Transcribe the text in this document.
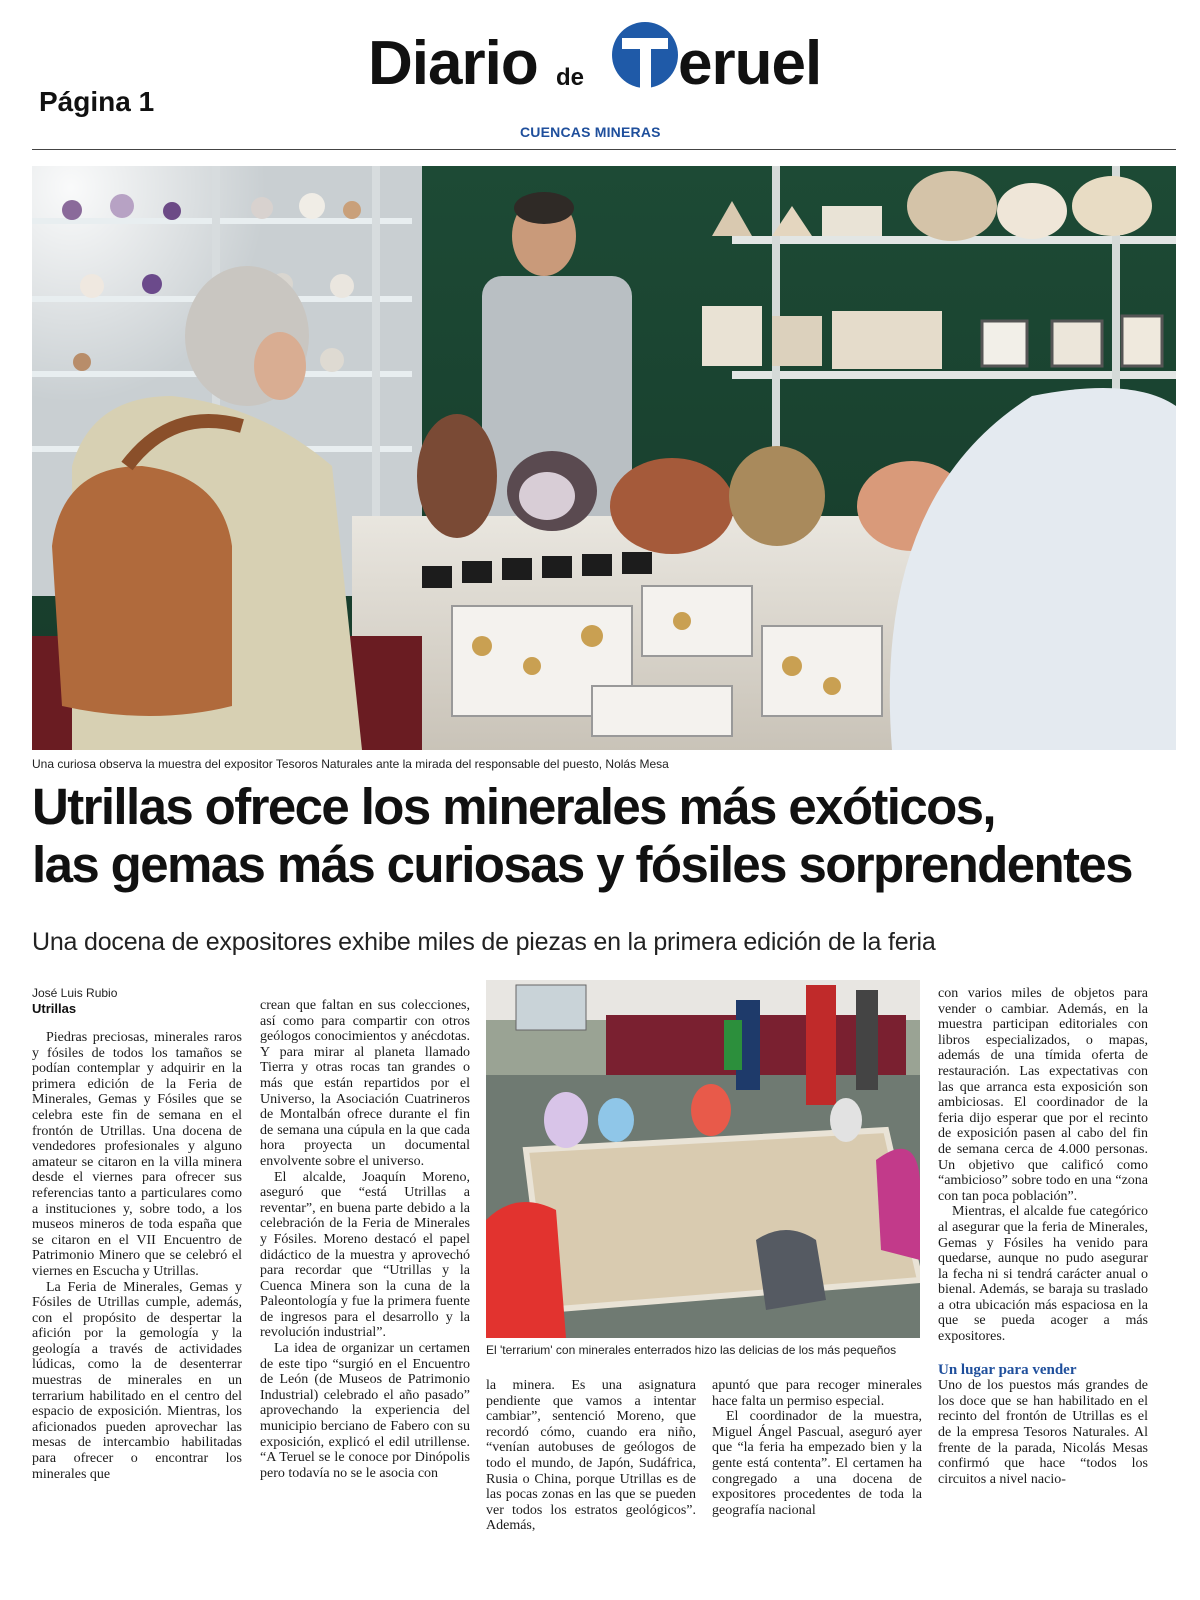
Página 1
Diario de eruel
CUENCAS MINERAS
Una curiosa observa la muestra del expositor Tesoros Naturales ante la mirada del responsable del puesto, Nolás Mesa
Utrillas ofrece los minerales más exóticos,
las gemas más curiosas y fósiles sorprendentes
Una docena de expositores exhibe miles de piezas en la primera edición de la feria
José Luis Rubio
Utrillas

Piedras preciosas, minerales raros y fósiles de todos los tamaños se podían contemplar y adquirir en la primera edición de la Feria de Minerales, Gemas y Fósiles que se celebra este fin de semana en el frontón de Utrillas. Una docena de vendedores profesionales y alguno amateur se citaron en la villa minera desde el viernes para ofrecer sus referencias tanto a particulares como a instituciones y, sobre todo, a los museos mineros de toda españa que se citaron en el VII Encuentro de Patrimonio Minero que se celebró el viernes en Escucha y Utrillas.

La Feria de Minerales, Gemas y Fósiles de Utrillas cumple, además, con el propósito de despertar la afición por la gemología y la geología a través de actividades lúdicas, como la de desenterrar muestras de minerales en un terrarium habilitado en el centro del espacio de exposición. Mientras, los aficionados pueden aprovechar las mesas de intercambio habilitadas para ofrecer o encontrar los minerales que

crean que faltan en sus colecciones, así como para compartir con otros geólogos conocimientos y anécdotas. Y para mirar al planeta llamado Tierra y otras rocas tan grandes o más que están repartidos por el Universo, la Asociación Cuatrineros de Montalbán ofrece durante el fin de semana una cúpula en la que cada hora proyecta un documental envolvente sobre el universo.

El alcalde, Joaquín Moreno, aseguró que “está Utrillas a reventar”, en buena parte debido a la celebración de la Feria de Minerales y Fósiles. Moreno destacó el papel didáctico de la muestra y aprovechó para recordar que “Utrillas y la Cuenca Minera son la cuna de la Paleontología y fue la primera fuente de ingresos para el desarrollo y la revolución industrial”.

La idea de organizar un certamen de este tipo “surgió en el Encuentro de León (de Museos de Patrimonio Industrial) celebrado el año pasado” aprovechando la experiencia del municipio berciano de Fabero con su exposición, explicó el edil utrillense. “A Teruel se le conoce por Dinópolis pero todavía no se le asocia con

El 'terrarium' con minerales enterrados hizo las delicias de los más pequeños

la minera. Es una asignatura pendiente que vamos a intentar cambiar”, sentenció Moreno, que recordó cómo, cuando era niño, “venían autobuses de geólogos de todo el mundo, de Japón, Sudáfrica, Rusia o China, porque Utrillas es de las pocas zonas en las que se pueden ver todos los estratos geológicos”. Además,

apuntó que para recoger minerales hace falta un permiso especial.

El coordinador de la muestra, Miguel Ángel Pascual, aseguró ayer que “la feria ha empezado bien y la gente está contenta”. El certamen ha congregado a una docena de expositores procedentes de toda la geografía nacional

con varios miles de objetos para vender o cambiar. Además, en la muestra participan editoriales con libros especializados, o mapas, además de una tímida oferta de restauración. Las expectativas con las que arranca esta exposición son ambiciosas. El coordinador de la feria dijo esperar que por el recinto de exposición pasen al cabo del fin de semana cerca de 4.000 personas. Un objetivo que calificó como “ambicioso” sobre todo en una “zona con tan poca población”.

Mientras, el alcalde fue categórico al asegurar que la feria de Minerales, Gemas y Fósiles ha venido para quedarse, aunque no pudo asegurar la fecha ni si tendrá carácter anual o bienal. Además, se baraja su traslado a otra ubicación más espaciosa en la que se pueda acoger a más expositores.

Un lugar para vender

Uno de los puestos más grandes de los doce que se han habilitado en el recinto del frontón de Utrillas es el de la empresa Tesoros Naturales. Al frente de la parada, Nicolás Mesas confirmó que hace “todos los circuitos a nivel nacio-
